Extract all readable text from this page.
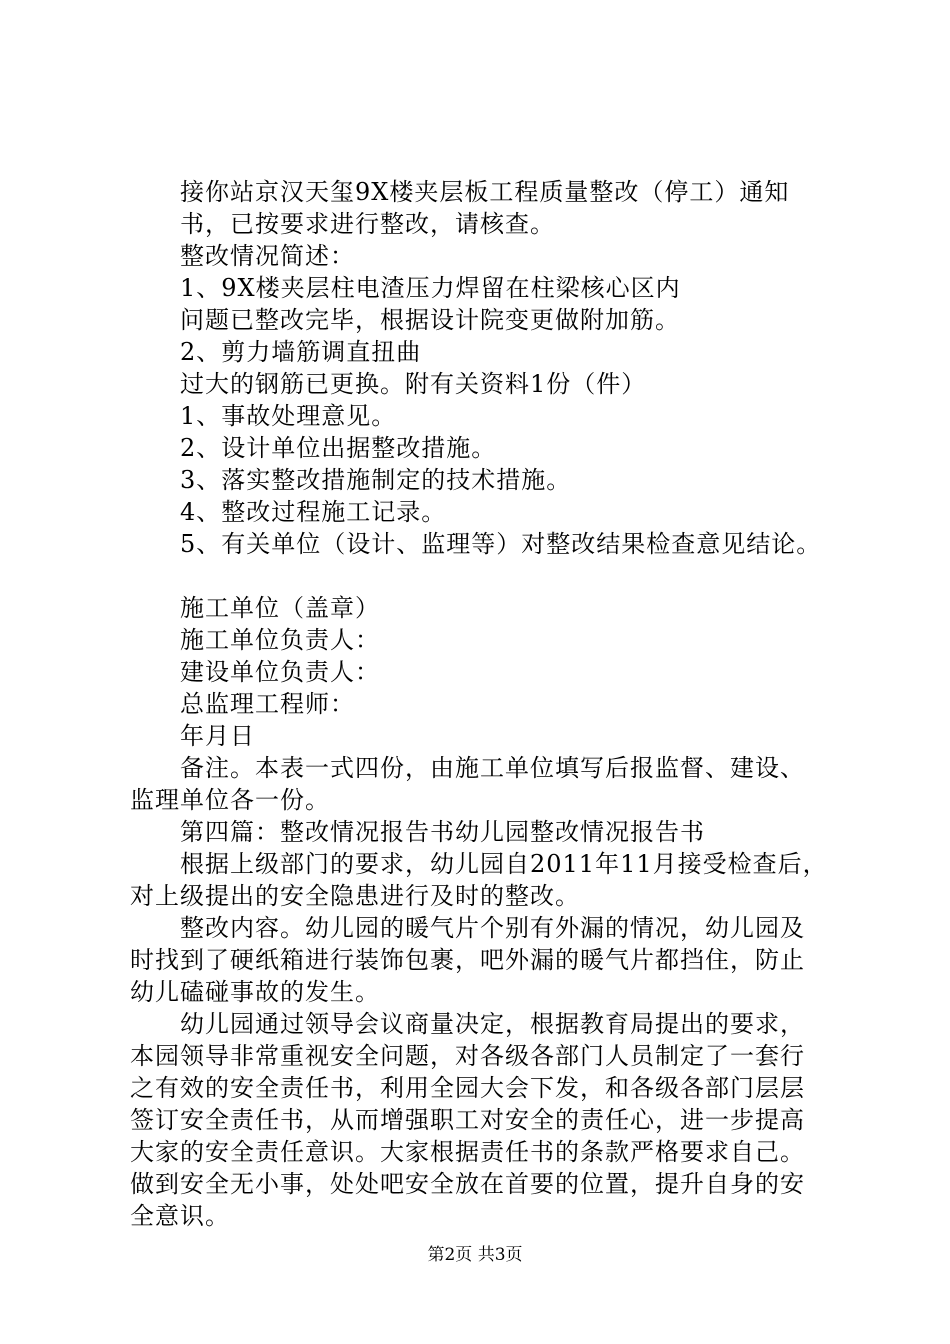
接你站京汉天玺9X楼夹层板工程质量整改（停工）通知
书，已按要求进行整改，请核查。
整改情况简述：
1、9X楼夹层柱电渣压力焊留在柱梁核心区内
问题已整改完毕，根据设计院变更做附加筋。
2、剪力墙筋调直扭曲
过大的钢筋已更换。附有关资料1份（件）
1、事故处理意见。
2、设计单位出据整改措施。
3、落实整改措施制定的技术措施。
4、整改过程施工记录。
5、有关单位（设计、监理等）对整改结果检查意见结论。
施工单位（盖章）
施工单位负责人：
建设单位负责人：
总监理工程师：
年月日
备注。本表一式四份，由施工单位填写后报监督、建设、
监理单位各一份。
第四篇：整改情况报告书幼儿园整改情况报告书
根据上级部门的要求，幼儿园自2011年11月接受检查后，
对上级提出的安全隐患进行及时的整改。
整改内容。幼儿园的暖气片个别有外漏的情况，幼儿园及
时找到了硬纸箱进行装饰包裹，吧外漏的暖气片都挡住，防止
幼儿磕碰事故的发生。
幼儿园通过领导会议商量决定，根据教育局提出的要求，
本园领导非常重视安全问题，对各级各部门人员制定了一套行
之有效的安全责任书，利用全园大会下发，和各级各部门层层
签订安全责任书，从而增强职工对安全的责任心，进一步提高
大家的安全责任意识。大家根据责任书的条款严格要求自己。
做到安全无小事，处处吧安全放在首要的位置，提升自身的安
全意识。
第2页 共3页
